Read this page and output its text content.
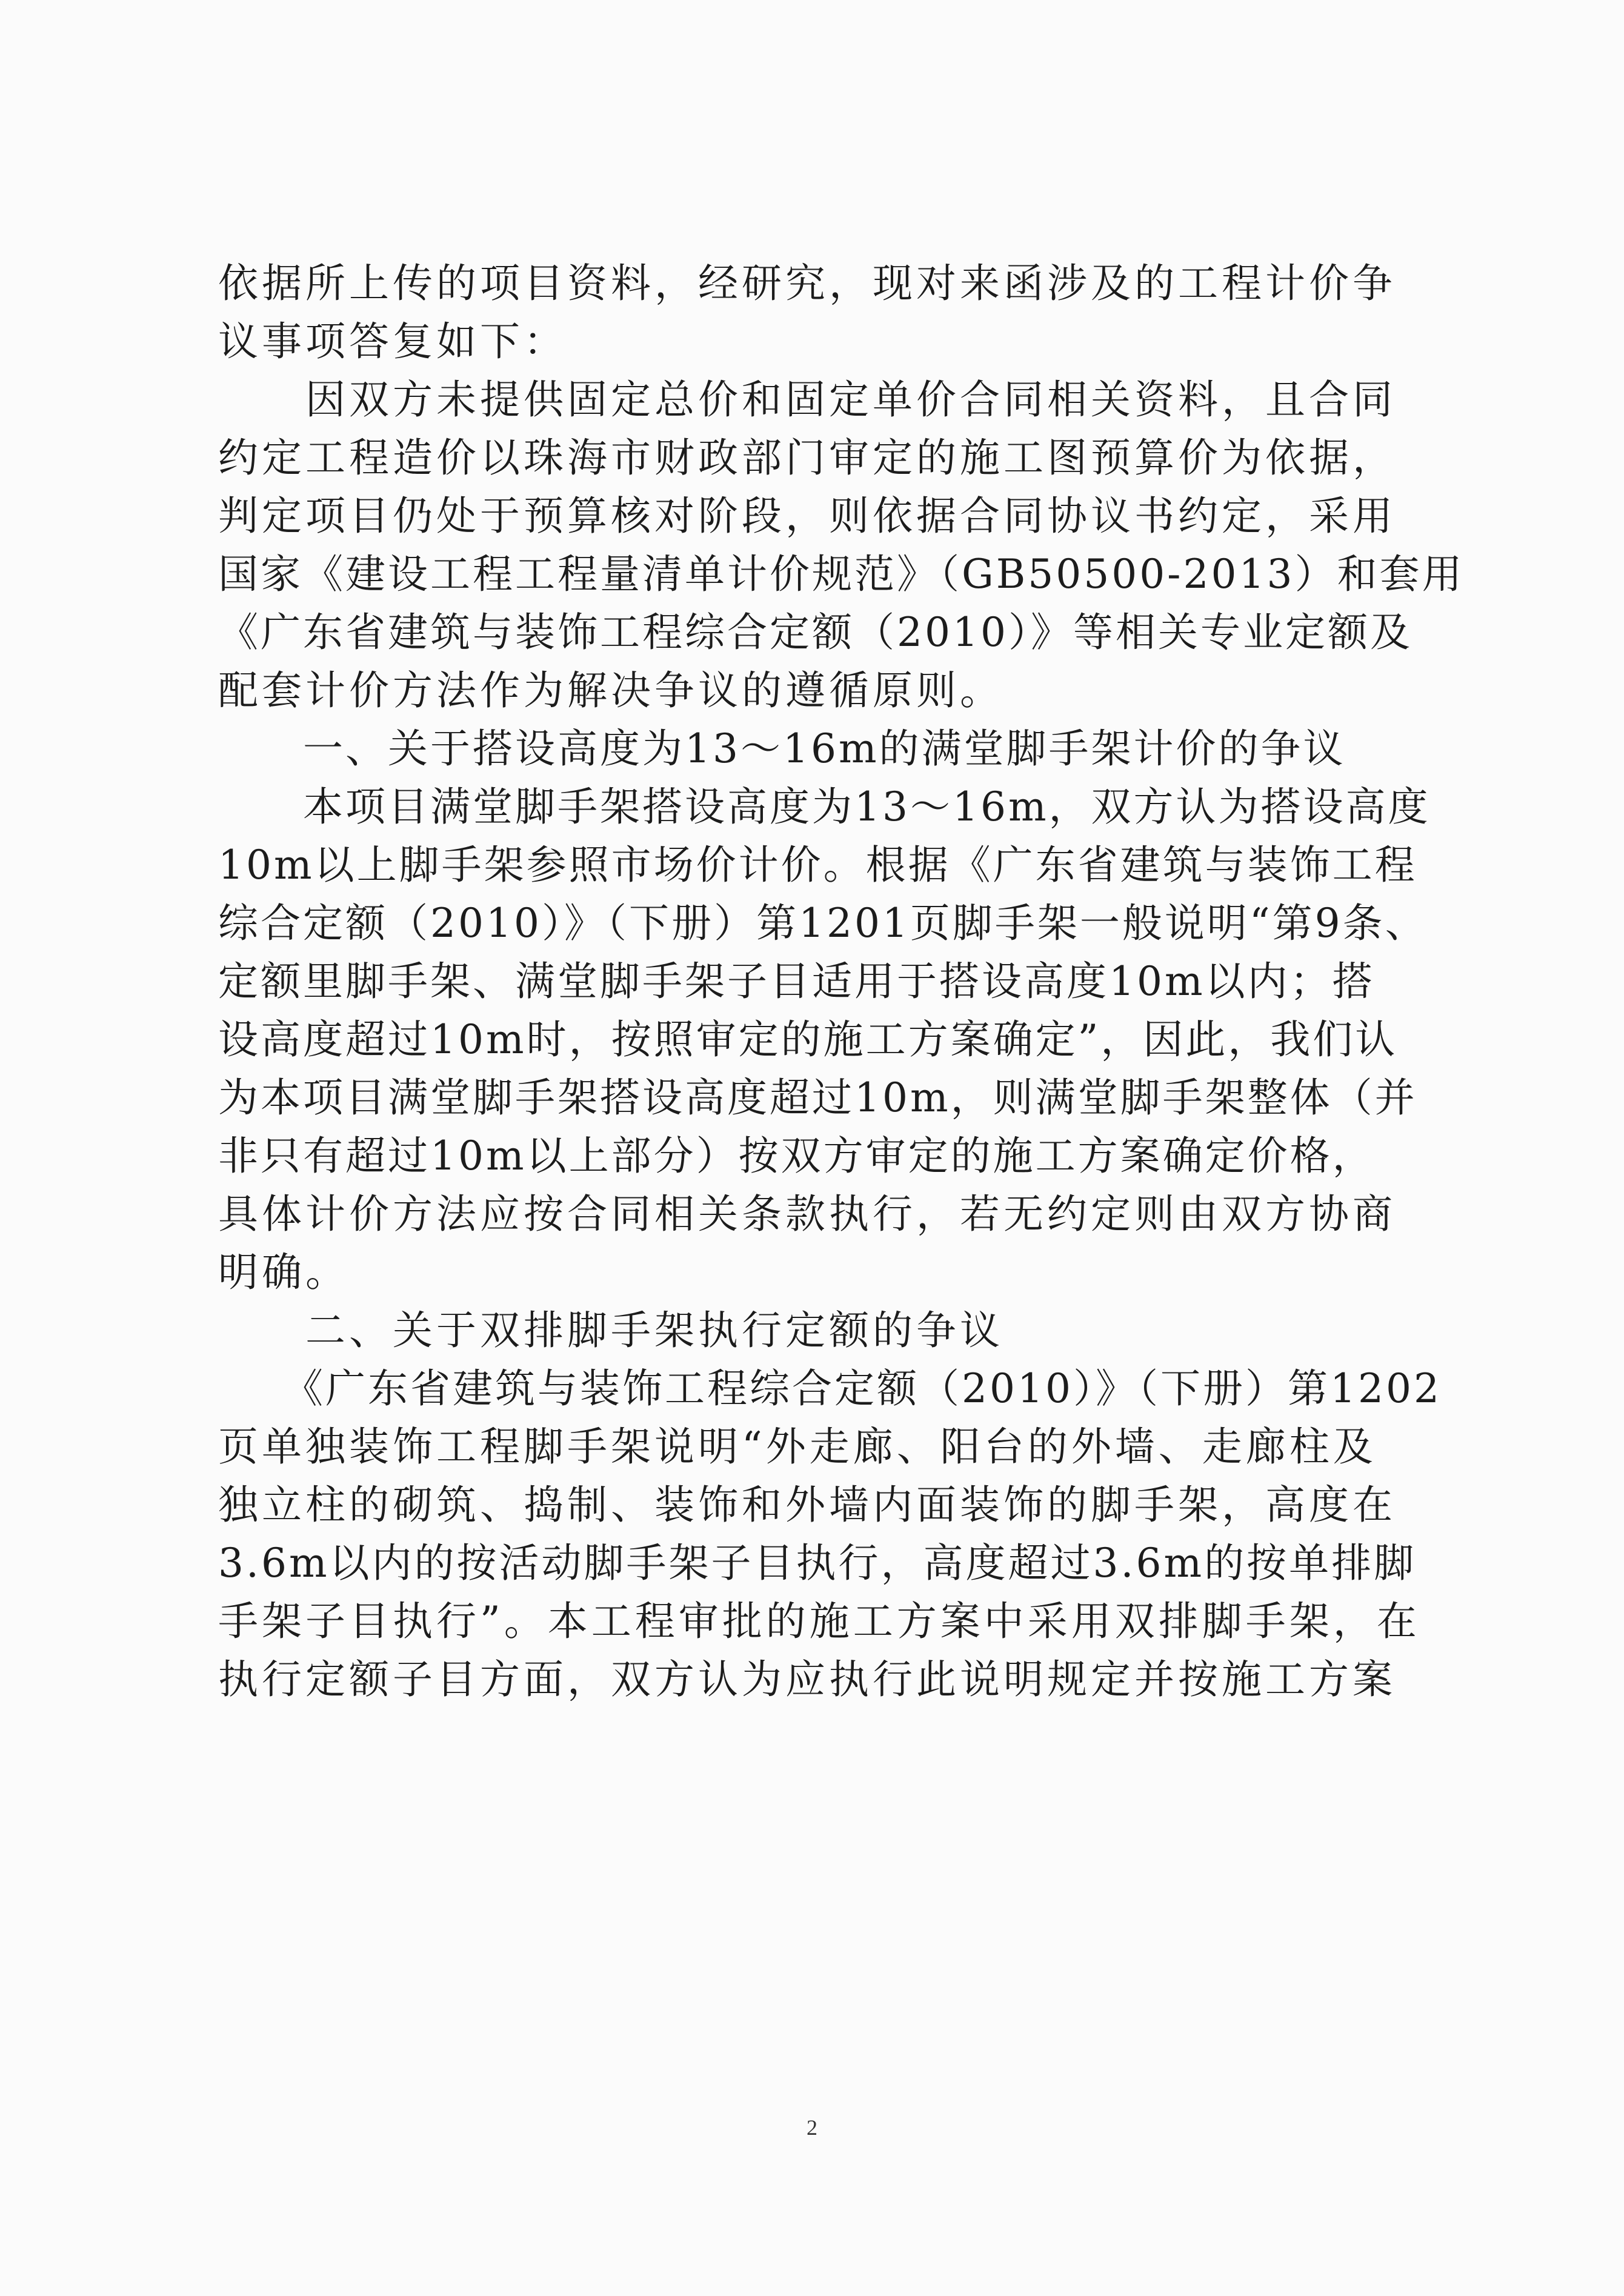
依据所上传的项目资料，经研究，现对来函涉及的工程计价争
议事项答复如下：
　　因双方未提供固定总价和固定单价合同相关资料，且合同
约定工程造价以珠海市财政部门审定的施工图预算价为依据，
判定项目仍处于预算核对阶段，则依据合同协议书约定，采用
国家《建设工程工程量清单计价规范》（GB50500-2013）和套用
《广东省建筑与装饰工程综合定额（2010）》等相关专业定额及
配套计价方法作为解决争议的遵循原则。
　　一、关于搭设高度为13～16m的满堂脚手架计价的争议
　　本项目满堂脚手架搭设高度为13～16m，双方认为搭设高度
10m以上脚手架参照市场价计价。根据《广东省建筑与装饰工程
综合定额（2010）》（下册）第1201页脚手架一般说明“第9条、
定额里脚手架、满堂脚手架子目适用于搭设高度10m以内；搭
设高度超过10m时，按照审定的施工方案确定”，因此，我们认
为本项目满堂脚手架搭设高度超过10m，则满堂脚手架整体（并
非只有超过10m以上部分）按双方审定的施工方案确定价格，
具体计价方法应按合同相关条款执行，若无约定则由双方协商
明确。
　　二、关于双排脚手架执行定额的争议
　　《广东省建筑与装饰工程综合定额（2010）》（下册）第1202
页单独装饰工程脚手架说明“外走廊、阳台的外墙、走廊柱及
独立柱的砌筑、捣制、装饰和外墙内面装饰的脚手架，高度在
3.6m以内的按活动脚手架子目执行，高度超过3.6m的按单排脚
手架子目执行”。本工程审批的施工方案中采用双排脚手架，在
执行定额子目方面，双方认为应执行此说明规定并按施工方案
2
